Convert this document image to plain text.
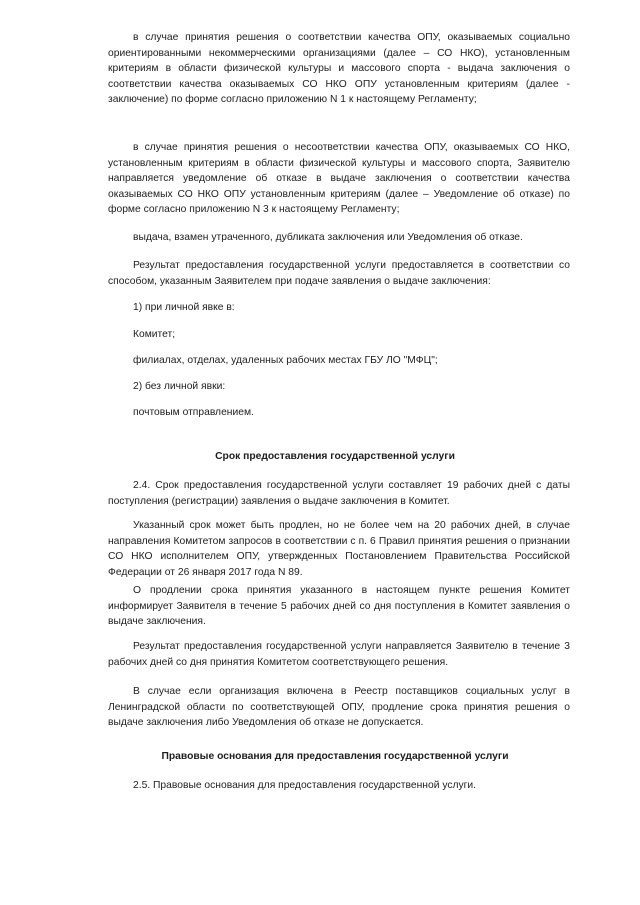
в случае принятия решения о соответствии качества ОПУ, оказываемых социально ориентированными некоммерческими организациями (далее – СО НКО), установленным критериям в области физической культуры и массового спорта - выдача заключения о соответствии качества оказываемых СО НКО ОПУ установленным критериям (далее - заключение) по форме согласно приложению N 1 к настоящему Регламенту;

в случае принятия решения о несоответствии качества ОПУ, оказываемых СО НКО, установленным критериям в области физической культуры и массового спорта, Заявителю направляется уведомление об отказе в выдаче заключения о соответствии качества оказываемых СО НКО ОПУ установленным критериям (далее – Уведомление об отказе) по форме согласно приложению N 3 к настоящему Регламенту;

выдача, взамен утраченного, дубликата заключения или Уведомления об отказе.

Результат предоставления государственной услуги предоставляется в соответствии со способом, указанным Заявителем при подаче заявления о выдаче заключения:

1) при личной явке в:

Комитет;

филиалах, отделах, удаленных рабочих местах ГБУ ЛО "МФЦ";

2) без личной явки:

почтовым отправлением.

Срок предоставления государственной услуги

2.4. Срок предоставления государственной услуги составляет 19 рабочих дней с даты поступления (регистрации) заявления о выдаче заключения в Комитет.

Указанный срок может быть продлен, но не более чем на 20 рабочих дней, в случае направления Комитетом запросов в соответствии с п. 6 Правил принятия решения о признании СО НКО исполнителем ОПУ, утвержденных Постановлением Правительства Российской Федерации от 26 января 2017 года N 89.

О продлении срока принятия указанного в настоящем пункте решения Комитет информирует Заявителя в течение 5 рабочих дней со дня поступления в Комитет заявления о выдаче заключения.

Результат предоставления государственной услуги направляется Заявителю в течение 3 рабочих дней со дня принятия Комитетом соответствующего решения.

В случае если организация включена в Реестр поставщиков социальных услуг в Ленинградской области по соответствующей ОПУ, продление срока принятия решения о выдаче заключения либо Уведомления об отказе не допускается.

Правовые основания для предоставления государственной услуги

2.5. Правовые основания для предоставления государственной услуги.
